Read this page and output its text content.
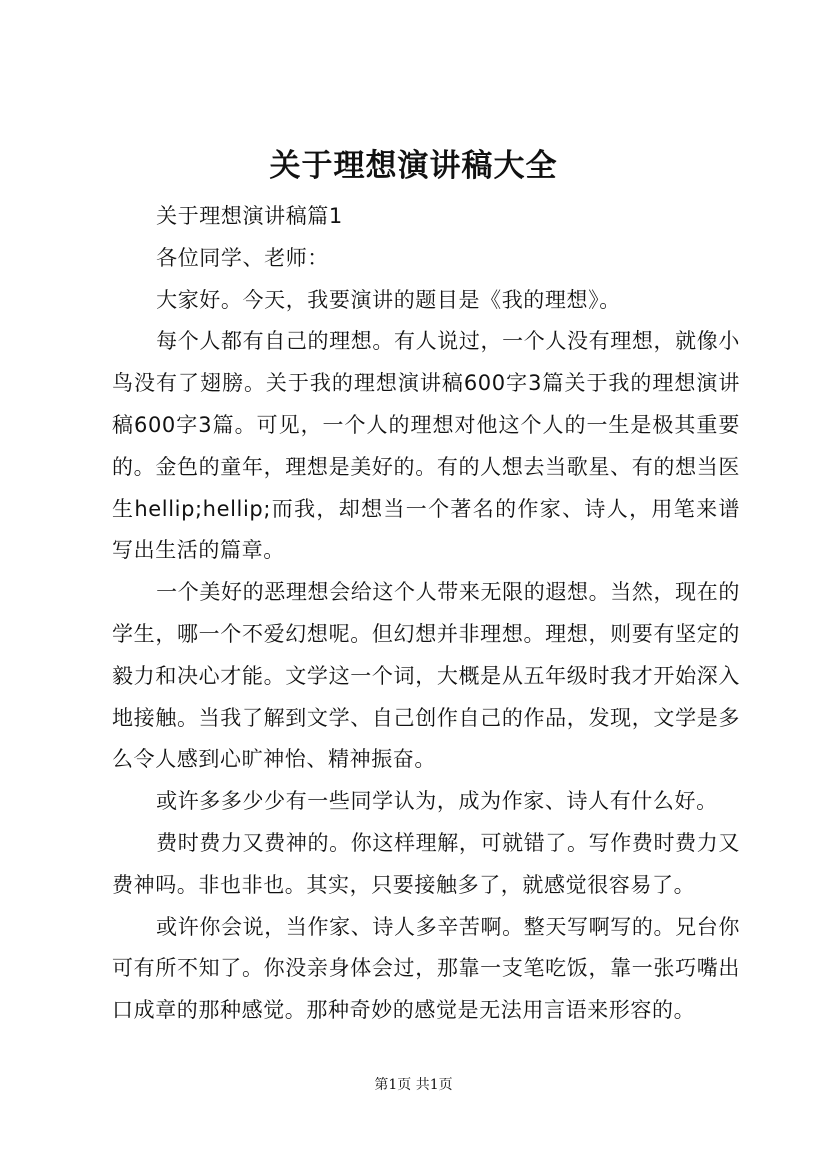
关于理想演讲稿大全

关于理想演讲稿篇1

各位同学、老师：

大家好。今天，我要演讲的题目是《我的理想》。

每个人都有自己的理想。有人说过，一个人没有理想，就像小鸟没有了翅膀。关于我的理想演讲稿600字3篇关于我的理想演讲稿600字3篇。可见，一个人的理想对他这个人的一生是极其重要的。金色的童年，理想是美好的。有的人想去当歌星、有的想当医生hellip;hellip;而我，却想当一个著名的作家、诗人，用笔来谱写出生活的篇章。

一个美好的恶理想会给这个人带来无限的遐想。当然，现在的学生，哪一个不爱幻想呢。但幻想并非理想。理想，则要有坚定的毅力和决心才能。文学这一个词，大概是从五年级时我才开始深入地接触。当我了解到文学、自己创作自己的作品，发现，文学是多么令人感到心旷神怡、精神振奋。

或许多多少少有一些同学认为，成为作家、诗人有什么好。

费时费力又费神的。你这样理解，可就错了。写作费时费力又费神吗。非也非也。其实，只要接触多了，就感觉很容易了。

或许你会说，当作家、诗人多辛苦啊。整天写啊写的。兄台你可有所不知了。你没亲身体会过，那靠一支笔吃饭，靠一张巧嘴出口成章的那种感觉。那种奇妙的感觉是无法用言语来形容的。

第1页 共1页
